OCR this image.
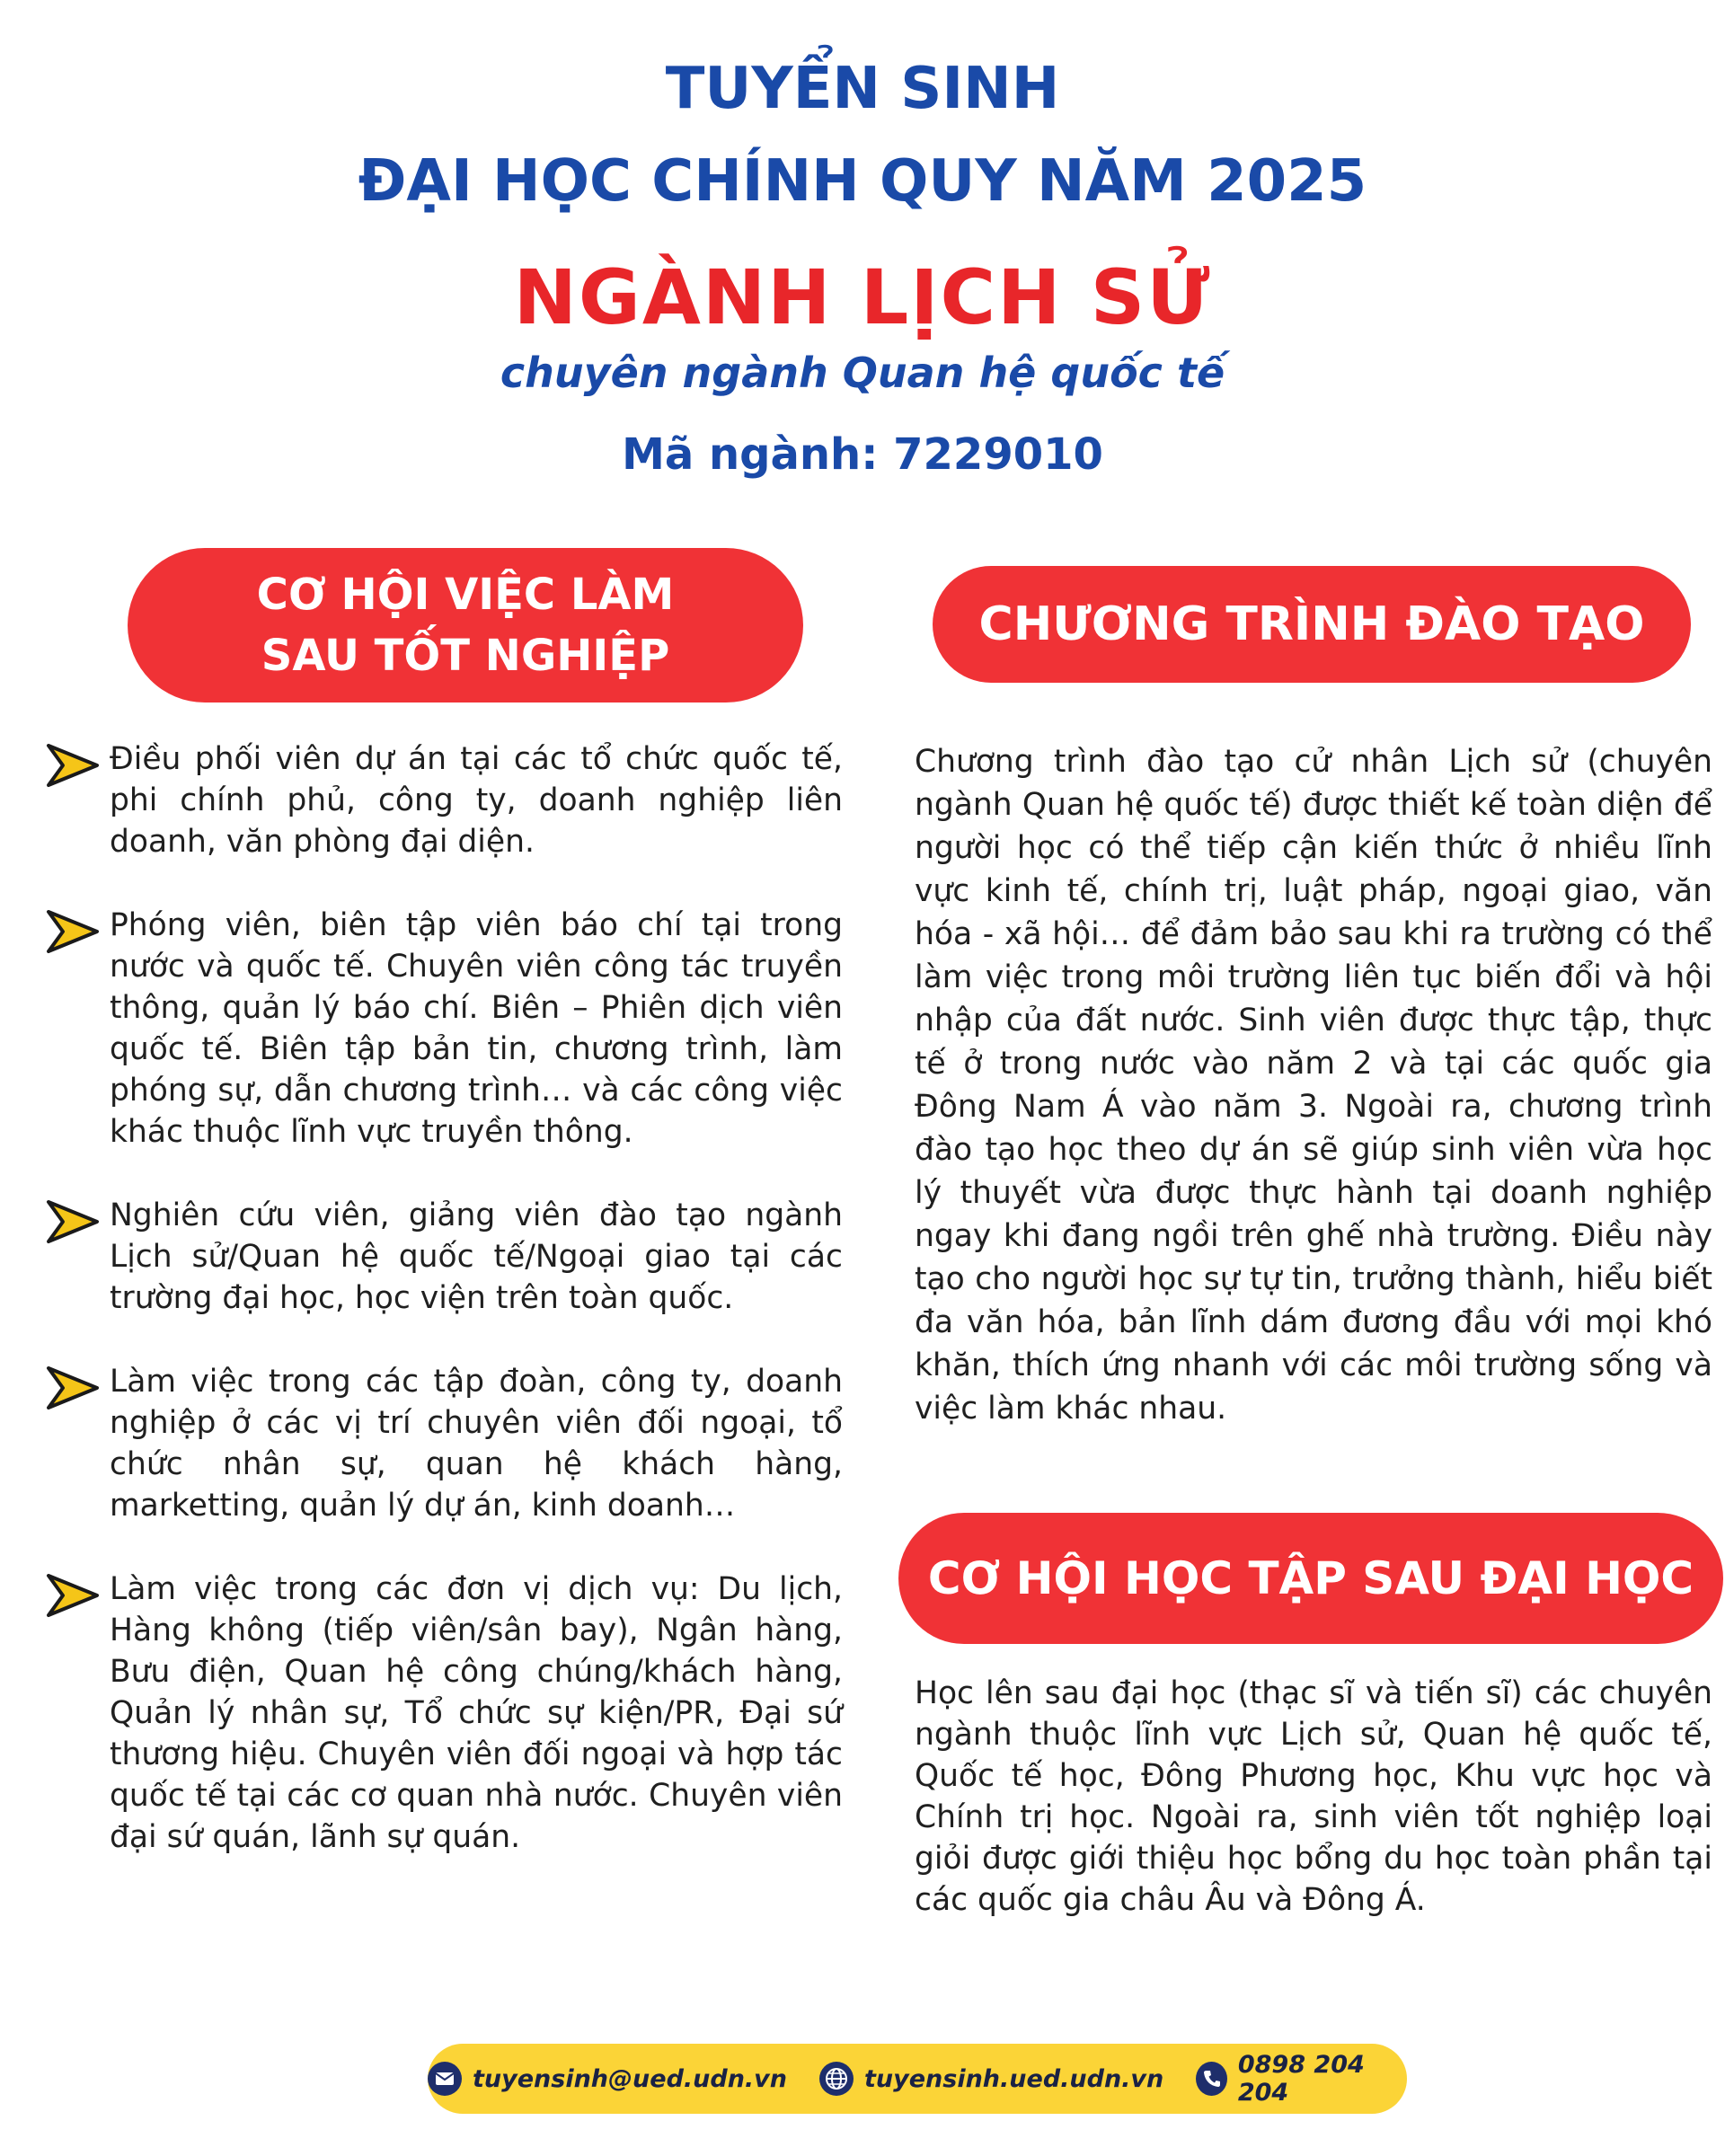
TUYỂN SINH
ĐẠI HỌC CHÍNH QUY NĂM 2025
NGÀNH LỊCH SỬ
chuyên ngành Quan hệ quốc tế
Mã ngành: 7229010
CƠ HỘI VIỆC LÀM
SAU TỐT NGHIỆP
CHƯƠNG TRÌNH ĐÀO TẠO
Điều phối viên dự án tại các tổ chức quốc tế, phi chính phủ, công ty, doanh nghiệp liên doanh, văn phòng đại diện.
Phóng viên, biên tập viên báo chí tại trong nước và quốc tế. Chuyên viên công tác truyền thông, quản lý báo chí. Biên – Phiên dịch viên quốc tế. Biên tập bản tin, chương trình, làm phóng sự, dẫn chương trình… và các công việc khác thuộc lĩnh vực truyền thông.
Nghiên cứu viên, giảng viên đào tạo ngành Lịch sử/Quan hệ quốc tế/Ngoại giao tại các trường đại học, học viện trên toàn quốc.
Làm việc trong các tập đoàn, công ty, doanh nghiệp ở các vị trí chuyên viên đối ngoại, tổ chức nhân sự, quan hệ khách hàng, marketting, quản lý dự án, kinh doanh…
Làm việc trong các đơn vị dịch vụ: Du lịch, Hàng không (tiếp viên/sân bay), Ngân hàng, Bưu điện, Quan hệ công chúng/khách hàng, Quản lý nhân sự, Tổ chức sự kiện/PR, Đại sứ thương hiệu. Chuyên viên đối ngoại và hợp tác quốc tế tại các cơ quan nhà nước. Chuyên viên đại sứ quán, lãnh sự quán.
Chương trình đào tạo cử nhân Lịch sử (chuyên ngành Quan hệ quốc tế) được thiết kế toàn diện để người học có thể tiếp cận kiến thức ở nhiều lĩnh vực kinh tế, chính trị, luật pháp, ngoại giao, văn hóa - xã hội… để đảm bảo sau khi ra trường có thể làm việc trong môi trường liên tục biến đổi và hội nhập của đất nước. Sinh viên được thực tập, thực tế ở trong nước vào năm 2 và tại các quốc gia Đông Nam Á vào năm 3. Ngoài ra, chương trình đào tạo học theo dự án sẽ giúp sinh viên vừa học lý thuyết vừa được thực hành tại doanh nghiệp ngay khi đang ngồi trên ghế nhà trường. Điều này tạo cho người học sự tự tin, trưởng thành, hiểu biết đa văn hóa, bản lĩnh dám đương đầu với mọi khó khăn, thích ứng nhanh với các môi trường sống và việc làm khác nhau.
CƠ HỘI HỌC TẬP SAU ĐẠI HỌC
Học lên sau đại học (thạc sĩ và tiến sĩ) các chuyên ngành thuộc lĩnh vực Lịch sử, Quan hệ quốc tế, Quốc tế học, Đông Phương học, Khu vực học và Chính trị học. Ngoài ra, sinh viên tốt nghiệp loại giỏi được giới thiệu học bổng du học toàn phần tại các quốc gia châu Âu và Đông Á.
tuyensinh@ued.udn.vn	tuyensinh.ued.udn.vn	0898 204 204
